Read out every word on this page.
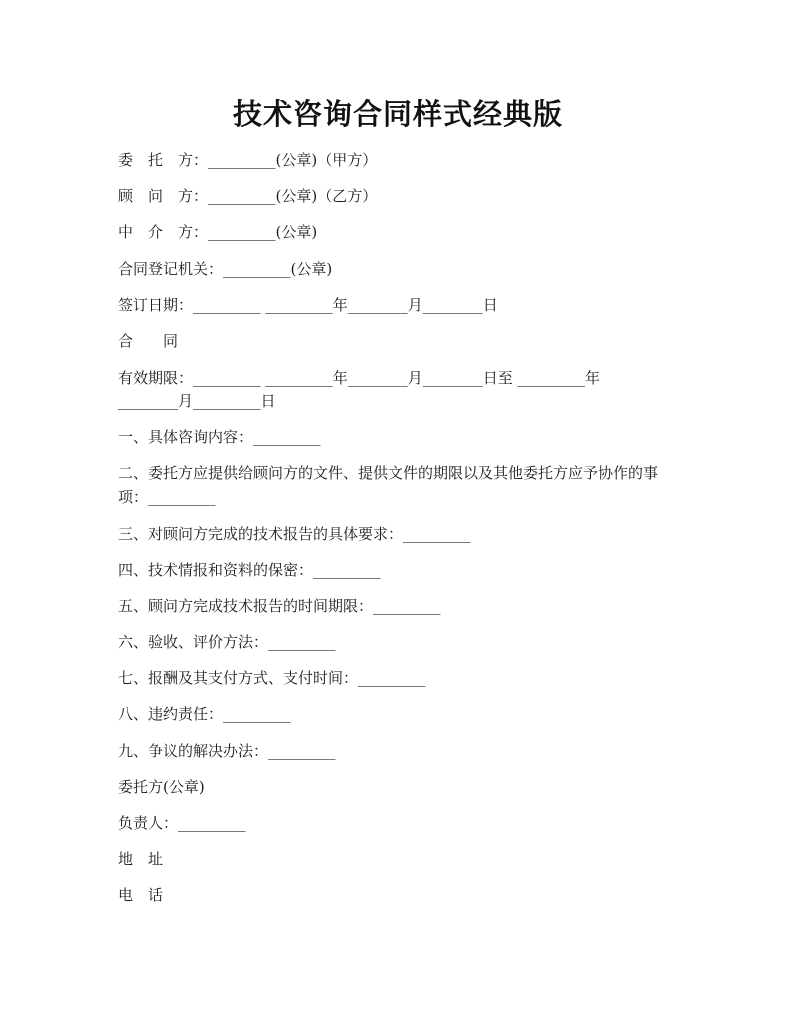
技术咨询合同样式经典版
委　托　方：_________(公章)（甲方）
顾　问　方：_________(公章)（乙方）
中　介　方：_________(公章)
合同登记机关：_________(公章)
签订日期：_________ _________年________月________日
合　　同
有效期限：_________ _________年________月________日至 _________年
________月_________日
一、具体咨询内容：_________
二、委托方应提供给顾问方的文件、提供文件的期限以及其他委托方应予协作的事
项：_________
三、对顾问方完成的技术报告的具体要求：_________
四、技术情报和资料的保密：_________
五、顾问方完成技术报告的时间期限：_________
六、验收、评价方法：_________
七、报酬及其支付方式、支付时间：_________
八、违约责任：_________
九、争议的解决办法：_________
委托方(公章)
负责人：_________
地　址
电　话
